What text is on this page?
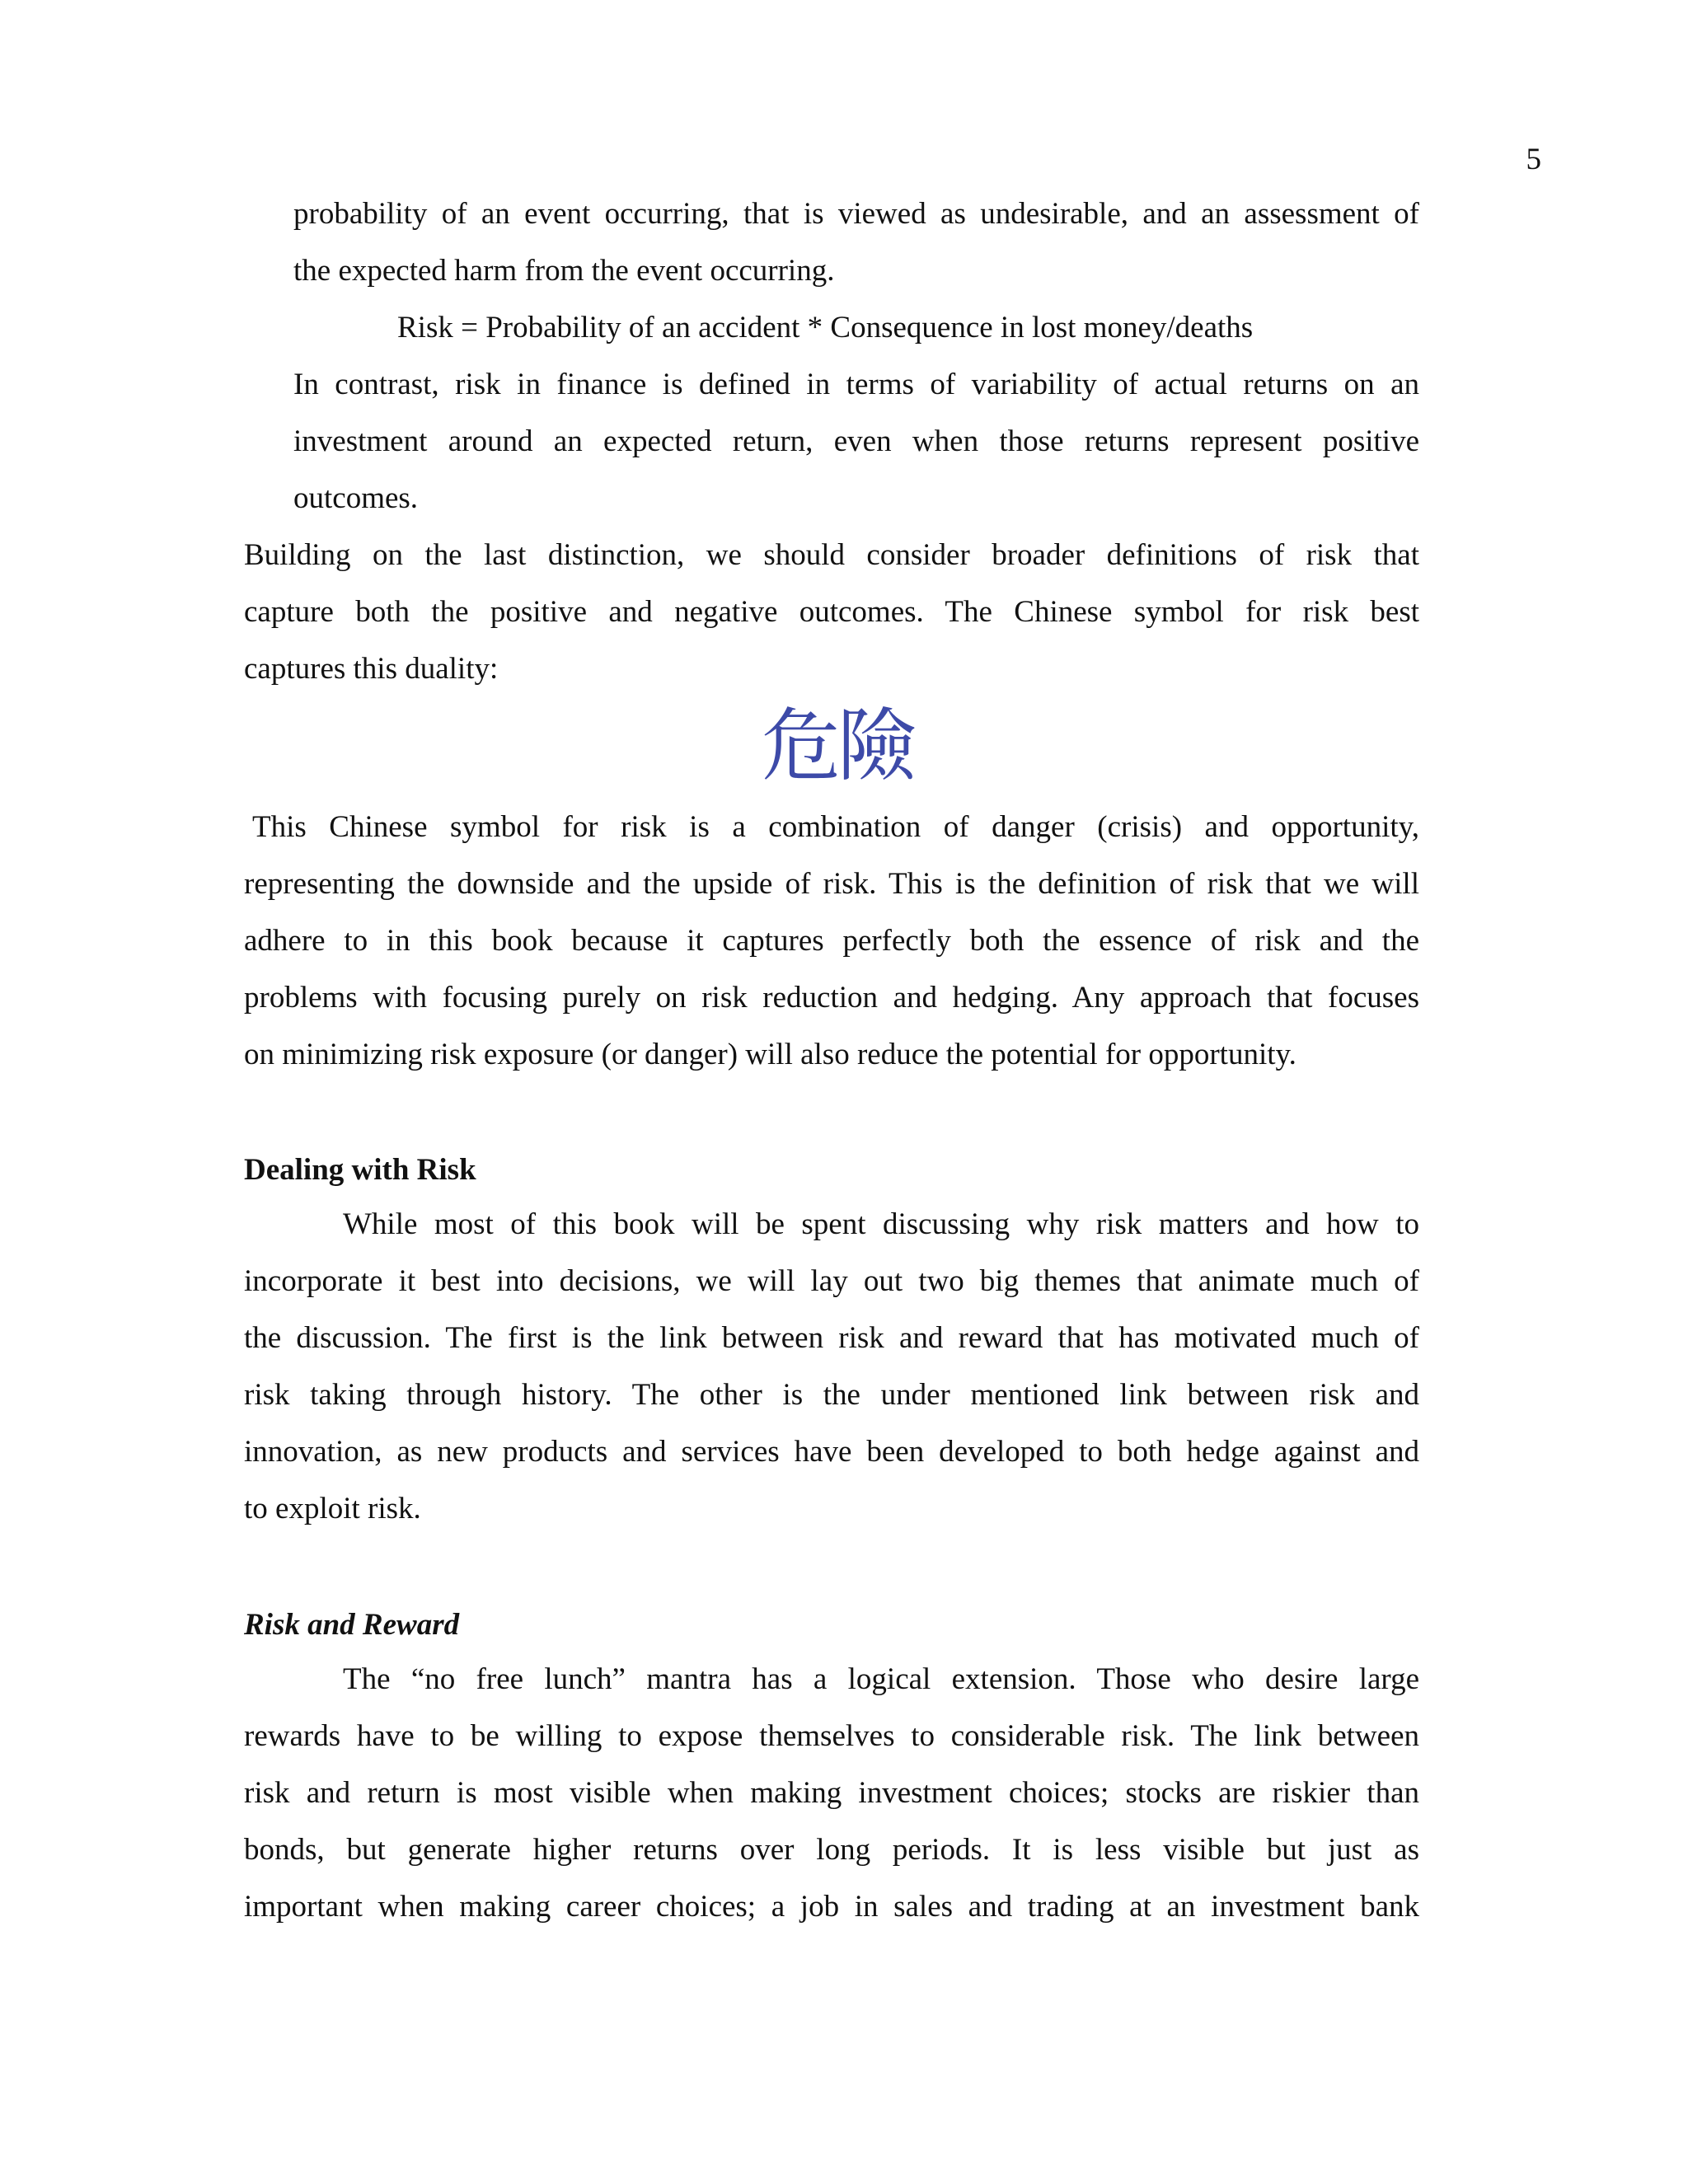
5
probability of an event occurring, that is viewed as undesirable, and an assessment of
the expected harm from the event occurring.
Risk = Probability of an accident * Consequence in lost money/deaths
In contrast, risk in finance is defined in terms of variability of actual returns on an
investment around an expected return, even when those returns represent positive
outcomes.
Building on the last distinction, we should consider broader definitions of risk that
capture both the positive and negative outcomes. The Chinese symbol for risk best
captures this duality:
危險
This Chinese symbol for risk is a combination of danger (crisis) and opportunity,
representing the downside and the upside of risk. This is the definition of risk that we will
adhere to in this book because it captures perfectly both the essence of risk and the
problems with focusing purely on risk reduction and hedging. Any approach that focuses
on minimizing risk exposure (or danger) will also reduce the potential for opportunity.
Dealing with Risk
While most of this book will be spent discussing why risk matters and how to
incorporate it best into decisions, we will lay out two big themes that animate much of
the discussion. The first is the link between risk and reward that has motivated much of
risk taking through history. The other is the under mentioned link between risk and
innovation, as new products and services have been developed to both hedge against and
to exploit risk.
Risk and Reward
The “no free lunch” mantra has a logical extension. Those who desire large
rewards have to be willing to expose themselves to considerable risk. The link between
risk and return is most visible when making investment choices; stocks are riskier than
bonds, but generate higher returns over long periods. It is less visible but just as
important when making career choices; a job in sales and trading at an investment bank
